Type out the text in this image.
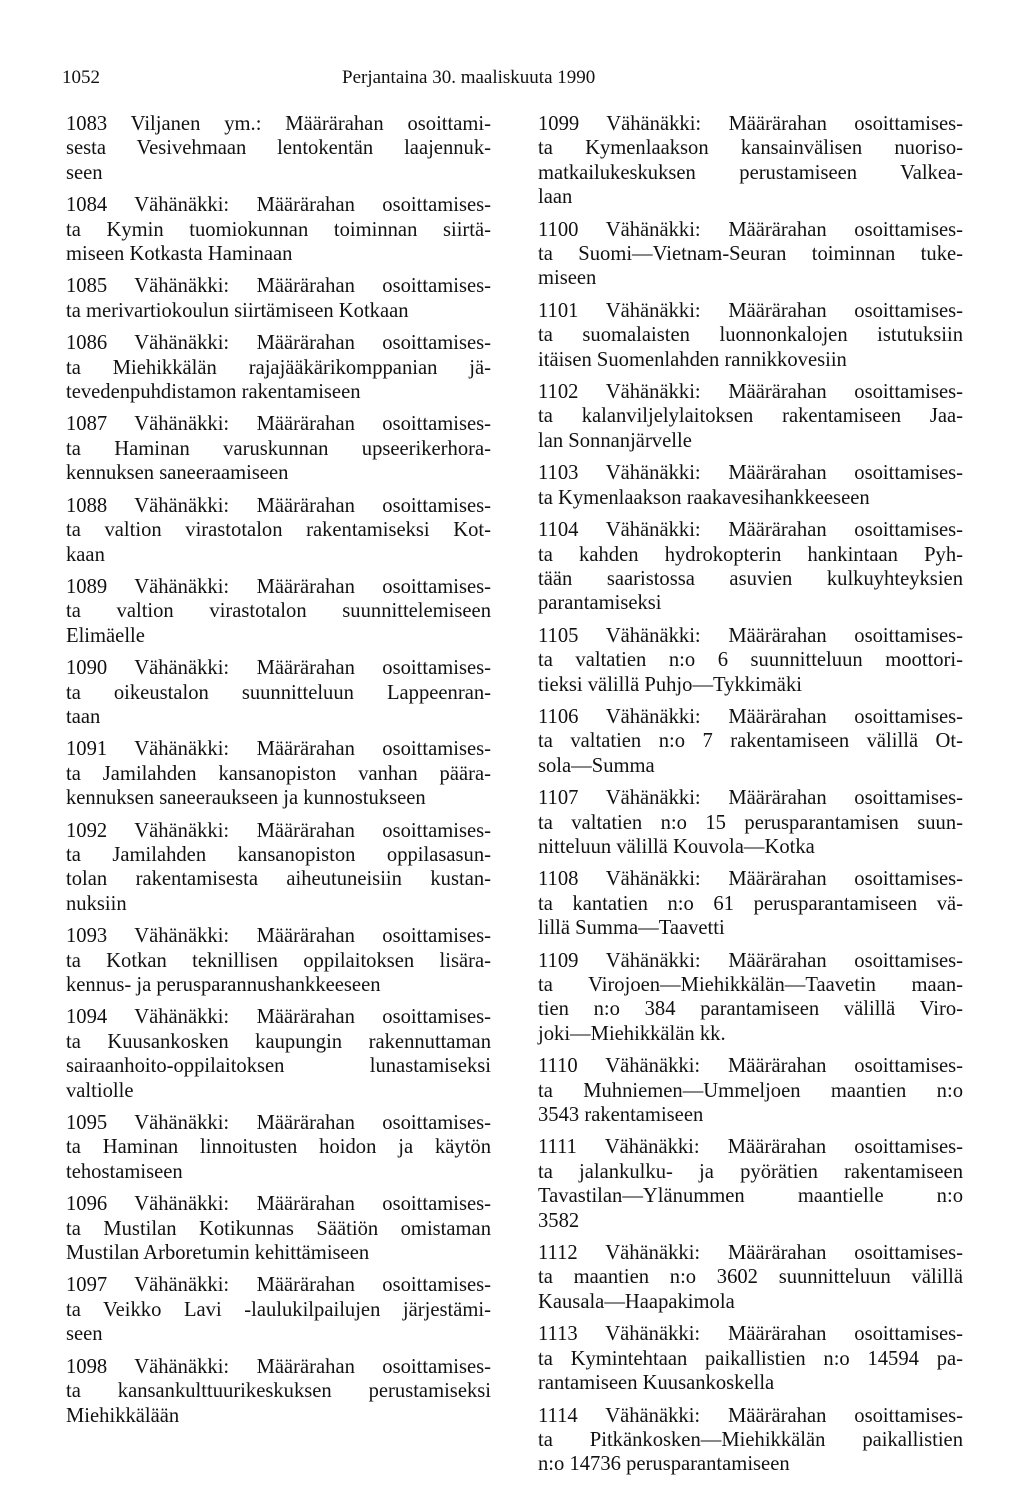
1052	Perjantaina 30. maaliskuuta 1990
1083 Viljanen ym.: Määrärahan osoittami-
sesta Vesivehmaan lentokentän laajennuk-
seen
1084 Vähänäkki: Määrärahan osoittamises-
ta Kymin tuomiokunnan toiminnan siirtä-
miseen Kotkasta Haminaan
1085 Vähänäkki: Määrärahan osoittamises-
ta merivartiokoulun siirtämiseen Kotkaan
1086 Vähänäkki: Määrärahan osoittamises-
ta Miehikkälän rajajääkärikomppanian jä-
tevedenpuhdistamon rakentamiseen
1087 Vähänäkki: Määrärahan osoittamises-
ta Haminan varuskunnan upseerikerhora-
kennuksen saneeraamiseen
1088 Vähänäkki: Määrärahan osoittamises-
ta valtion virastotalon rakentamiseksi Kot-
kaan
1089 Vähänäkki: Määrärahan osoittamises-
ta valtion virastotalon suunnittelemiseen
Elimäelle
1090 Vähänäkki: Määrärahan osoittamises-
ta oikeustalon suunnitteluun Lappeenran-
taan
1091 Vähänäkki: Määrärahan osoittamises-
ta Jamilahden kansanopiston vanhan päära-
kennuksen saneeraukseen ja kunnostukseen
1092 Vähänäkki: Määrärahan osoittamises-
ta Jamilahden kansanopiston oppilasasun-
tolan rakentamisesta aiheutuneisiin kustan-
nuksiin
1093 Vähänäkki: Määrärahan osoittamises-
ta Kotkan teknillisen oppilaitoksen lisära-
kennus- ja perusparannushankkeeseen
1094 Vähänäkki: Määrärahan osoittamises-
ta Kuusankosken kaupungin rakennuttaman
sairaanhoito-oppilaitoksen lunastamiseksi
valtiolle
1095 Vähänäkki: Määrärahan osoittamises-
ta Haminan linnoitusten hoidon ja käytön
tehostamiseen
1096 Vähänäkki: Määrärahan osoittamises-
ta Mustilan Kotikunnas Säätiön omistaman
Mustilan Arboretumin kehittämiseen
1097 Vähänäkki: Määrärahan osoittamises-
ta Veikko Lavi -laulukilpailujen järjestämi-
seen
1098 Vähänäkki: Määrärahan osoittamises-
ta kansankulttuurikeskuksen perustamiseksi
Miehikkälään
1099 Vähänäkki: Määrärahan osoittamises-
ta Kymenlaakson kansainvälisen nuoriso-
matkailukeskuksen perustamiseen Valkea-
laan
1100 Vähänäkki: Määrärahan osoittamises-
ta Suomi—Vietnam-Seuran toiminnan tuke-
miseen
1101 Vähänäkki: Määrärahan osoittamises-
ta suomalaisten luonnonkalojen istutuksiin
itäisen Suomenlahden rannikkovesiin
1102 Vähänäkki: Määrärahan osoittamises-
ta kalanviljelylaitoksen rakentamiseen Jaa-
lan Sonnanjärvelle
1103 Vähänäkki: Määrärahan osoittamises-
ta Kymenlaakson raakavesihankkeeseen
1104 Vähänäkki: Määrärahan osoittamises-
ta kahden hydrokopterin hankintaan Pyh-
tään saaristossa asuvien kulkuyhteyksien
parantamiseksi
1105 Vähänäkki: Määrärahan osoittamises-
ta valtatien n:o 6 suunnitteluun moottori-
tieksi välillä Puhjo—Tykkimäki
1106 Vähänäkki: Määrärahan osoittamises-
ta valtatien n:o 7 rakentamiseen välillä Ot-
sola—Summa
1107 Vähänäkki: Määrärahan osoittamises-
ta valtatien n:o 15 perusparantamisen suun-
nitteluun välillä Kouvola—Kotka
1108 Vähänäkki: Määrärahan osoittamises-
ta kantatien n:o 61 perusparantamiseen vä-
lillä Summa—Taavetti
1109 Vähänäkki: Määrärahan osoittamises-
ta Virojoen—Miehikkälän—Taavetin maan-
tien n:o 384 parantamiseen välillä Viro-
joki—Miehikkälän kk.
1110 Vähänäkki: Määrärahan osoittamises-
ta Muhniemen—Ummeljoen maantien n:o
3543 rakentamiseen
1111 Vähänäkki: Määrärahan osoittamises-
ta jalankulku- ja pyörätien rakentamiseen
Tavastilan—Ylänummen maantielle n:o
3582
1112 Vähänäkki: Määrärahan osoittamises-
ta maantien n:o 3602 suunnitteluun välillä
Kausala—Haapakimola
1113 Vähänäkki: Määrärahan osoittamises-
ta Kymintehtaan paikallistien n:o 14594 pa-
rantamiseen Kuusankoskella
1114 Vähänäkki: Määrärahan osoittamises-
ta Pitkänkosken—Miehikkälän paikallistien
n:o 14736 perusparantamiseen
